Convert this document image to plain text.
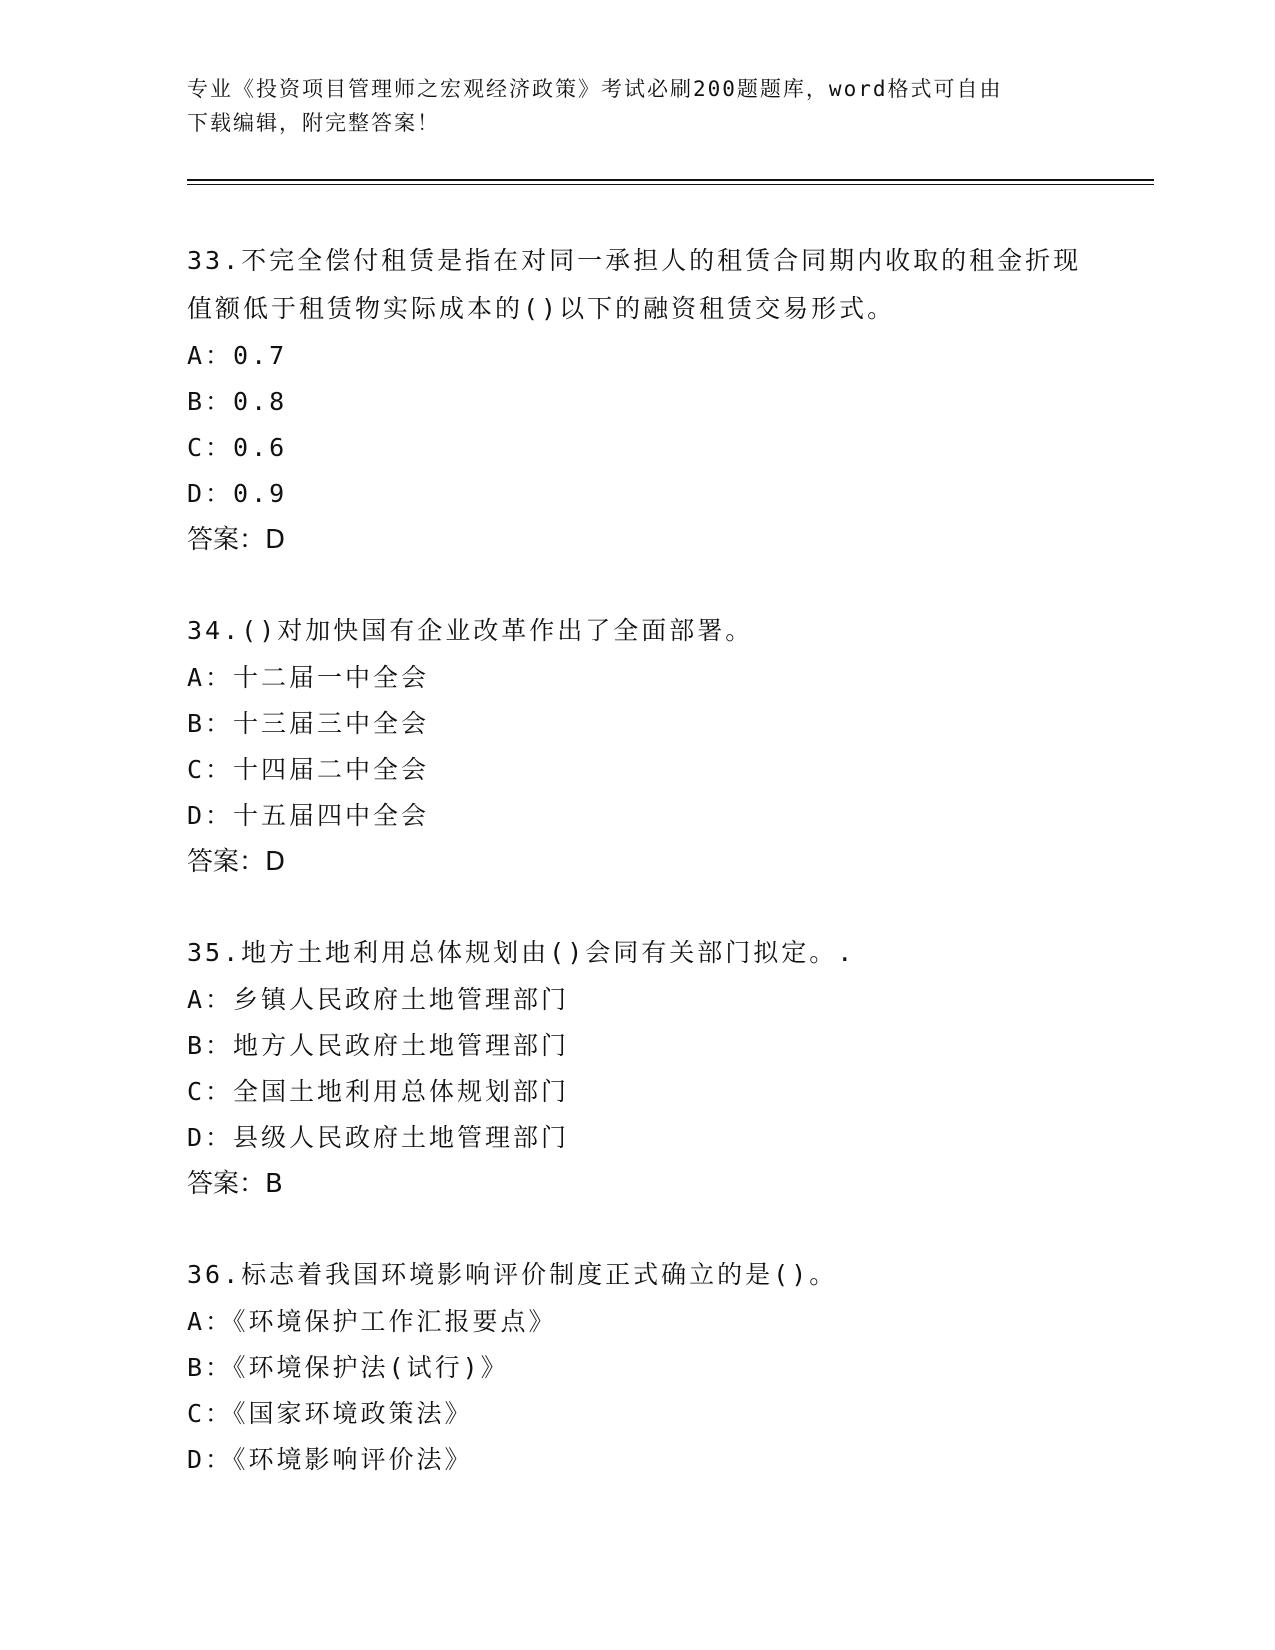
专业《投资项目管理师之宏观经济政策》考试必刷200题题库，word格式可自由
下载编辑，附完整答案！

33.不完全偿付租赁是指在对同一承担人的租赁合同期内收取的租金折现值额低于租赁物实际成本的()以下的融资租赁交易形式。

A：0.7

B：0.8

C：0.6

D：0.9

答案：D

34.()对加快国有企业改革作出了全面部署。

A：十二届一中全会

B：十三届三中全会

C：十四届二中全会

D：十五届四中全会

答案：D

35.地方土地利用总体规划由()会同有关部门拟定。.

A：乡镇人民政府土地管理部门

B：地方人民政府土地管理部门

C：全国土地利用总体规划部门

D：县级人民政府土地管理部门

答案：B

36.标志着我国环境影响评价制度正式确立的是()。

A：《环境保护工作汇报要点》

B：《环境保护法(试行)》

C：《国家环境政策法》

D：《环境影响评价法》
